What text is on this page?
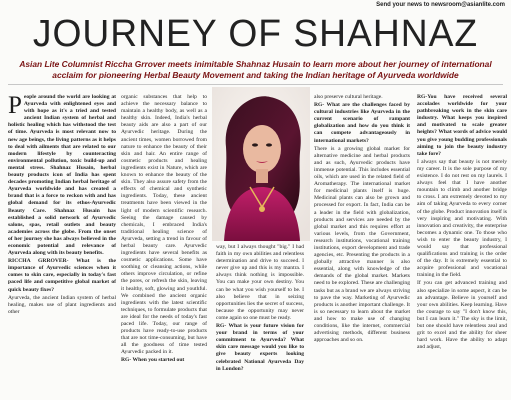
Send your news to newsroom@asianlite.com
JOURNEY OF SHAHNAZ
Asian Lite Columnist Riccha Grrover meets inimitable Shahnaz Husain to learn more about her journey of international acclaim for pioneering Herbal Beauty Movement and taking the Indian heritage of Ayurveda worldwide

People around the world are looking at Ayurveda with enlightened eyes and with hope as it's a tried and tested ancient Indian system of herbal and holistic healing which has withstood the test of time. Ayurveda is most relevant now to new age beings, the living patterns as it helps to deal with ailments that are related to our modern lifestyle by counteracting environmental pollution, toxic build-up and mental stress. Shahnaz Husain, herbal beauty products icon of India has spent decades promoting Indian herbal heritage of Ayurveda worldwide and has created a brand that is a force to reckon with and has global demand for its ethos-Ayurvedic Beauty Care. Shahnaz Husain has established a solid network of Ayurvedic salons, spas, retail outlets and beauty academies across the globe. From the onset of her journey she has always believed in the economic potential and relevance of Ayurveda along with its beauty benefits.

RICCHA GRROVER- What is the importance of Ayurvedic sciences when it comes to skin care, especially in today's fast paced life and competitive global market of quick beauty fixes?

Ayurveda, the ancient Indian system of herbal healing, makes use of plant ingredients and other

organic substances that help to achieve the necessary balance to maintain a healthy body, as well as a healthy skin. Indeed, India's herbal beauty aids are also a part of our Ayurvedic heritage. During the ancient times, women borrowed from nature to enhance the beauty of their skin and hair. An entire range of cosmetic products and healing ingredients exist in Nature, which are known to enhance the beauty of the skin. They also assure safety from the effects of chemical and synthetic ingredients. Today, these ancient treatments have been viewed in the light of modern scientific research. Seeing the damage caused by chemicals, I embraced India's traditional healing science of Ayurveda, setting a trend in favour of herbal beauty care. Ayurvedic ingredients have several benefits as cosmetic applications. Some have soothing or cleansing actions, while others improve circulation, or refine the pores, or refresh the skin, leaving it healthy, soft, glowing and youthful. We combined the ancient organic ingredients with the latest scientific techniques, to formulate products that are ideal for the needs of today's fast paced life. Today, our range of products have ready-to-use products that are not time-consuming, but have all the goodness of time tested Ayurvedic packed in it.

RG- When you started out

way, but I always thought "big." I had faith in my own abilities and relentless determination and drive to succeed. I never give up and this is my mantra. I always think nothing is impossible. You can make your own destiny. You can be what you wish yourself to be. I also believe that in seizing opportunities lies the secret of success, because the opportunity may never come again so one must be ready.

RG- What is your future vision for your brand in terms of your commitment to Ayurveda? What skin care message would you like to give beauty experts looking celebrated National Ayurveda Day in London?

also preserve cultural heritage.

RG- What are the challenges faced by cultural industries like Ayurveda in the current scenario of rampant globalization and how do you think it can compete advantageously in international markets?

There is a growing global market for alternative medicine and herbal products and as such, Ayurvedic products have immense potential. This includes essential oils, which are used in the related field of Aromatherapy. The international market for medicinal plants itself is huge. Medicinal plants can also be grown and processed for export. In fact, India can be a leader in the field with globalization, products and services are needed by the global market and this requires effort at various levels, from the Government, research institutions, vocational training institutions, export development and trade agencies, etc. Presenting the products in a globally attractive manner is also essential, along with knowledge of the demands of the global market. Markets need to be explored. These are challenging tasks but as a brand we are always striving to pave the way. Marketing of Ayurvedic products is another important challenge. It is so necessary to learn about the market and how to make use of changing conditions, like the internet, commercial advertising methods, different business approaches and so on.

RG-You have received several accolades worldwide for your pathbreaking work in the skin care industry. What keeps you inspired and motivated to scale greater heights? What words of advice would you give young budding professionals aiming to join the beauty industry take fore?

I always say that beauty is not merely my career. It is the sole purpose of my existence. I do not rest on my laurels. I always feel that I have another mountain to climb and another bridge to cross. I am extremely devoted to my aim of taking Ayurveda to every corner of the globe. Product innovation itself is very inspiring and motivating. With innovation and creativity, the enterprise becomes a dynamic one. To those who wish to enter the beauty industry, I would say that professional qualifications and training is the order of the day. It is extremely essential to acquire professional and vocational training in the field.

If you can get advanced training and also specialize in some aspect, it can be an advantage. Believe in yourself and your own abilities. Keep learning. Have the courage to say "I don't know this, but I can learn it." The sky is the limit, but one should have relentless zeal and grit to excel and the ability for sheer hard work. Have the ability to adapt and adjust,
